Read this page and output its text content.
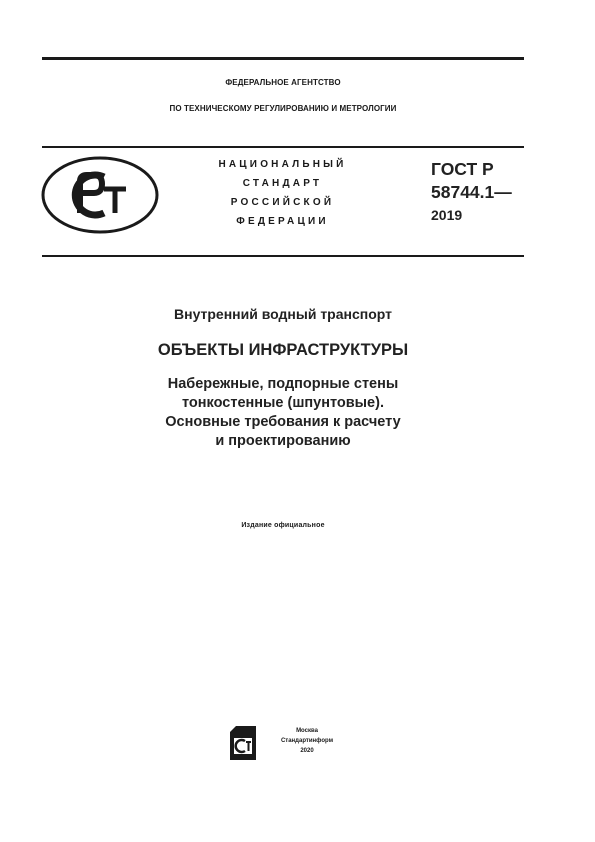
ФЕДЕРАЛЬНОЕ АГЕНТСТВО
ПО ТЕХНИЧЕСКОМУ РЕГУЛИРОВАНИЮ И МЕТРОЛОГИИ
НАЦИОНАЛЬНЫЙ
СТАНДАРТ
РОССИЙСКОЙ
ФЕДЕРАЦИИ
ГОСТ Р
58744.1—
2019
Внутренний водный транспорт
ОБЪЕКТЫ ИНФРАСТРУКТУРЫ
Набережные, подпорные стены
тонкостенные (шпунтовые).
Основные требования к расчету
и проектированию
Издание официальное
Москва
Стандартинформ
2020
